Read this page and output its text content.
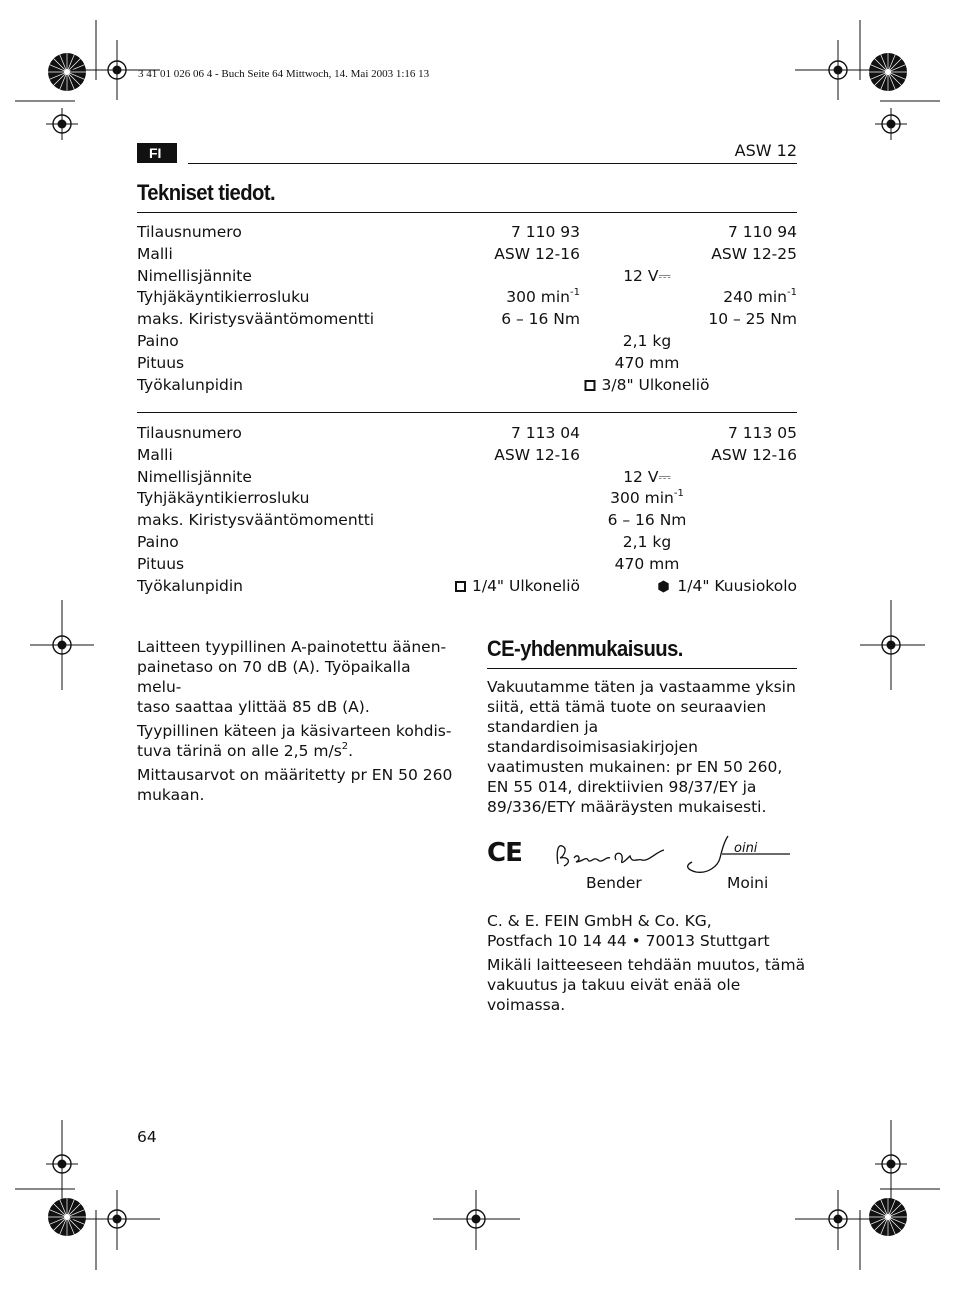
3 41 01 026 06 4 - Buch Seite 64 Mittwoch, 14. Mai 2003 1:16 13
FI	ASW 12
Tekniset tiedot.
Tilausnumero	7 110 93	7 110 94
Malli	ASW 12-16	ASW 12-25
Nimellisjännite	12 V⎓
Tyhjäkäyntikierrosluku	300 $\min^{-1}$	240 $\min^{-1}$
maks. Kiristysvääntömomentti	6 – 16 Nm	10 – 25 Nm
Paino	2,1 kg
Pituus	470 mm
Työkalunpidin	3/8" Ulkoneliö
Tilausnumero	7 113 04	7 113 05
Malli	ASW 12-16	ASW 12-16
Nimellisjännite	12 V⎓
Tyhjäkäyntikierrosluku	300 $\min^{-1}$
maks. Kiristysvääntömomentti	6 – 16 Nm
Paino	2,1 kg
Pituus	470 mm
Työkalunpidin	1/4" Ulkoneliö	1/4" Kuusiokolo

Laitteen tyypillinen A-painotettu äänen-
painetaso on 70 dB (A). Työpaikalla melu-
taso saattaa ylittää 85 dB (A).

Tyypillinen käteen ja käsivarteen kohdis-
tuva tärinä on alle 2,5 $m/s^2$.

Mittausarvot on määritetty pr EN 50 260
mukaan.

CE-yhdenmukaisuus.
Vakuutamme täten ja vastaamme yksin
siitä, että tämä tuote on seuraavien
standardien ja standardisoimisasiakirjojen
vaatimusten mukainen: pr EN 50 260,
EN 55 014, direktiivien 98/37/EY ja
89/336/ETY määräysten mukaisesti.
CE	oini
Bender	Moini
C. & E. FEIN GmbH & Co. KG,
Postfach 10 14 44 • 70013 Stuttgart
Mikäli laitteeseen tehdään muutos, tämä
vakuutus ja takuu eivät enää ole voimassa.
64
